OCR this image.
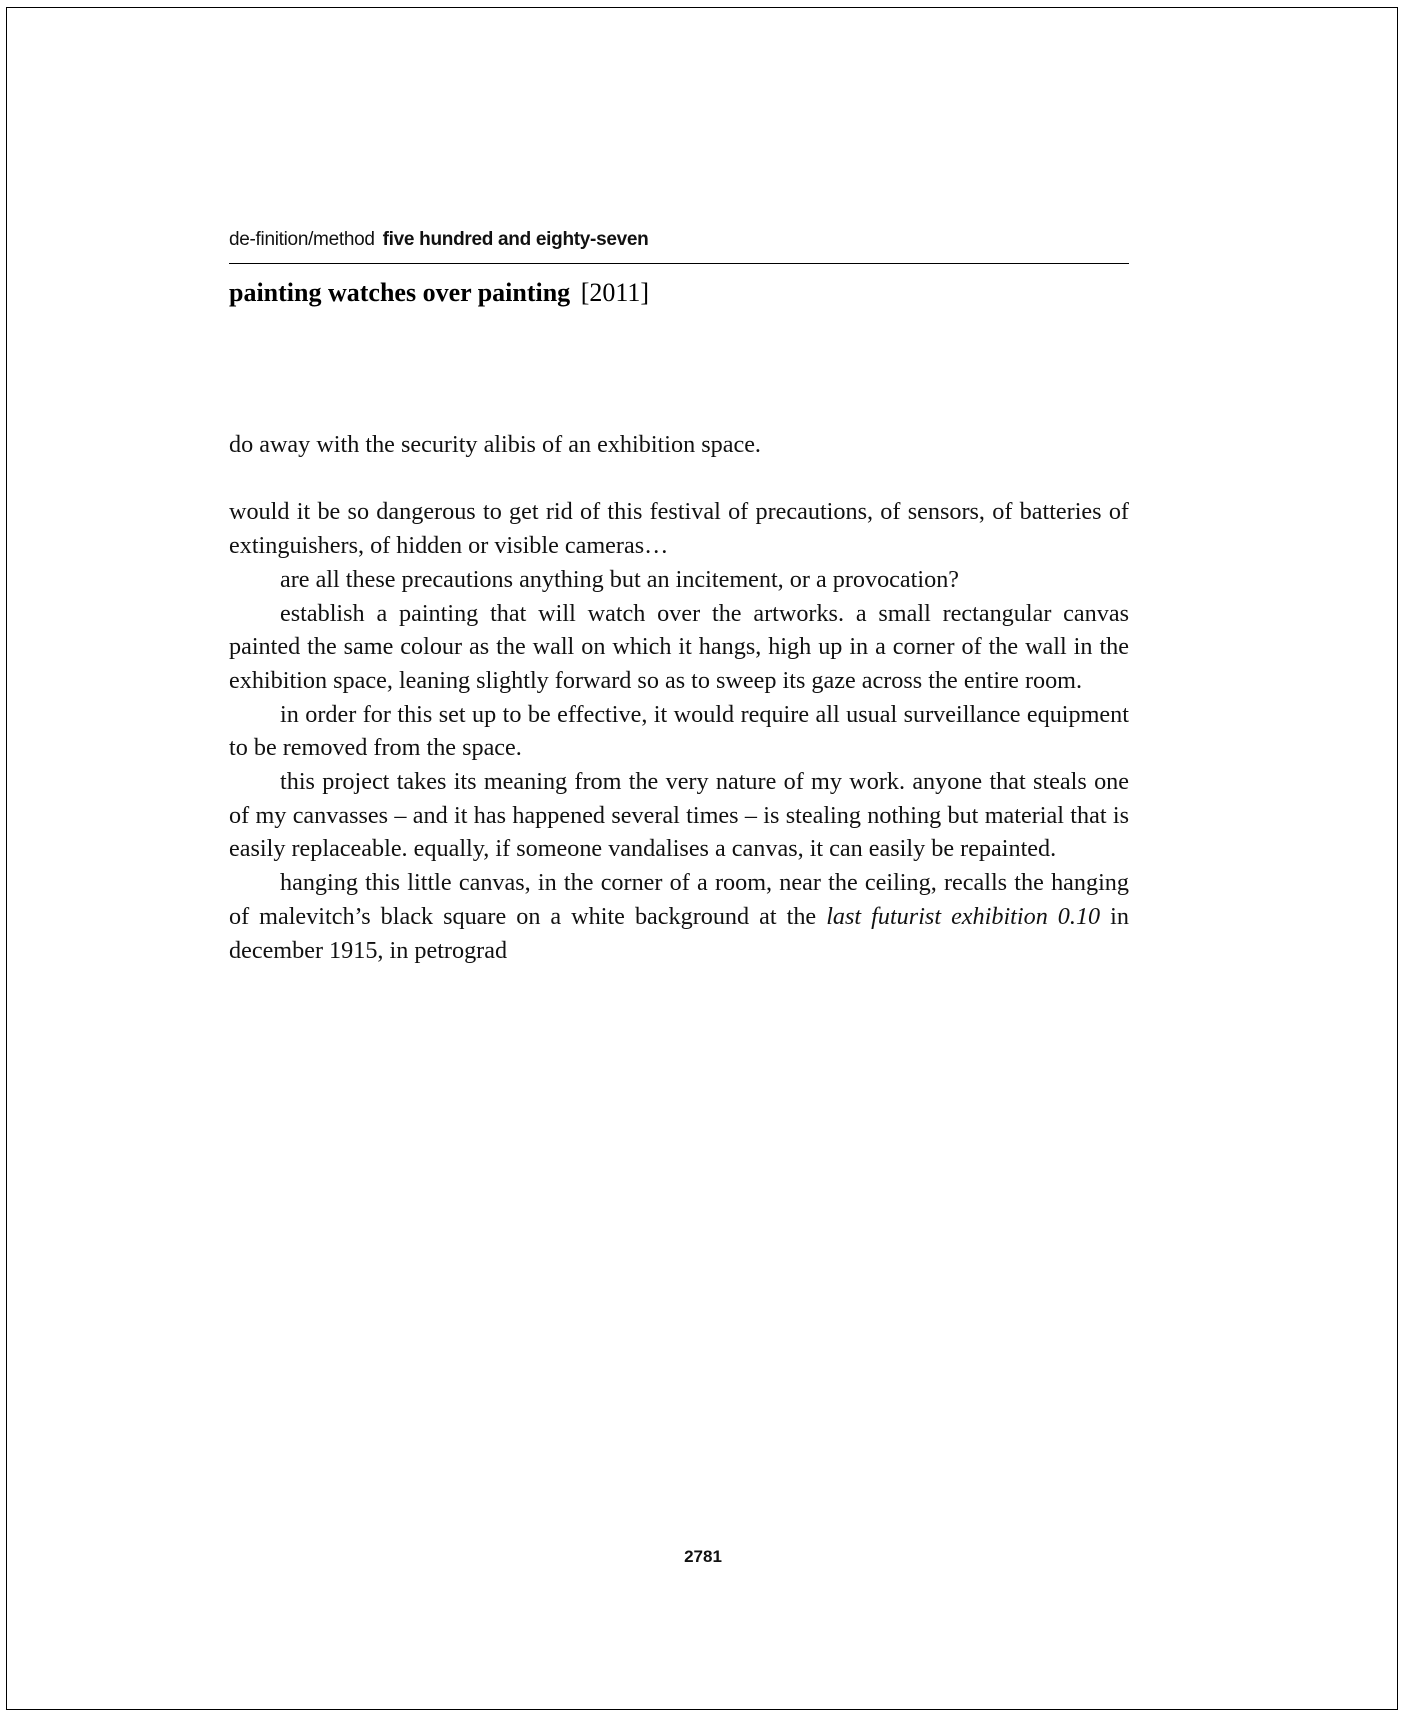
de-finition/method five hundred and eighty-seven
painting watches over painting [2011]

do away with the security alibis of an exhibition space.

would it be so dangerous to get rid of this festival of precautions, of sensors, of batteries of extinguishers, of hidden or visible cameras…

are all these precautions anything but an incitement, or a provocation?

establish a painting that will watch over the artworks. a small rectangular canvas painted the same colour as the wall on which it hangs, high up in a corner of the wall in the exhibition space, leaning slightly forward so as to sweep its gaze across the entire room.

in order for this set up to be effective, it would require all usual surveillance equipment to be removed from the space.

this project takes its meaning from the very nature of my work. anyone that steals one of my canvasses – and it has happened several times – is stealing nothing but material that is easily replaceable. equally, if someone vandalises a canvas, it can easily be repainted.

hanging this little canvas, in the corner of a room, near the ceiling, recalls the hanging of malevitch’s black square on a white background at the last futurist exhibition 0.10 in december 1915, in petrograd

2781
